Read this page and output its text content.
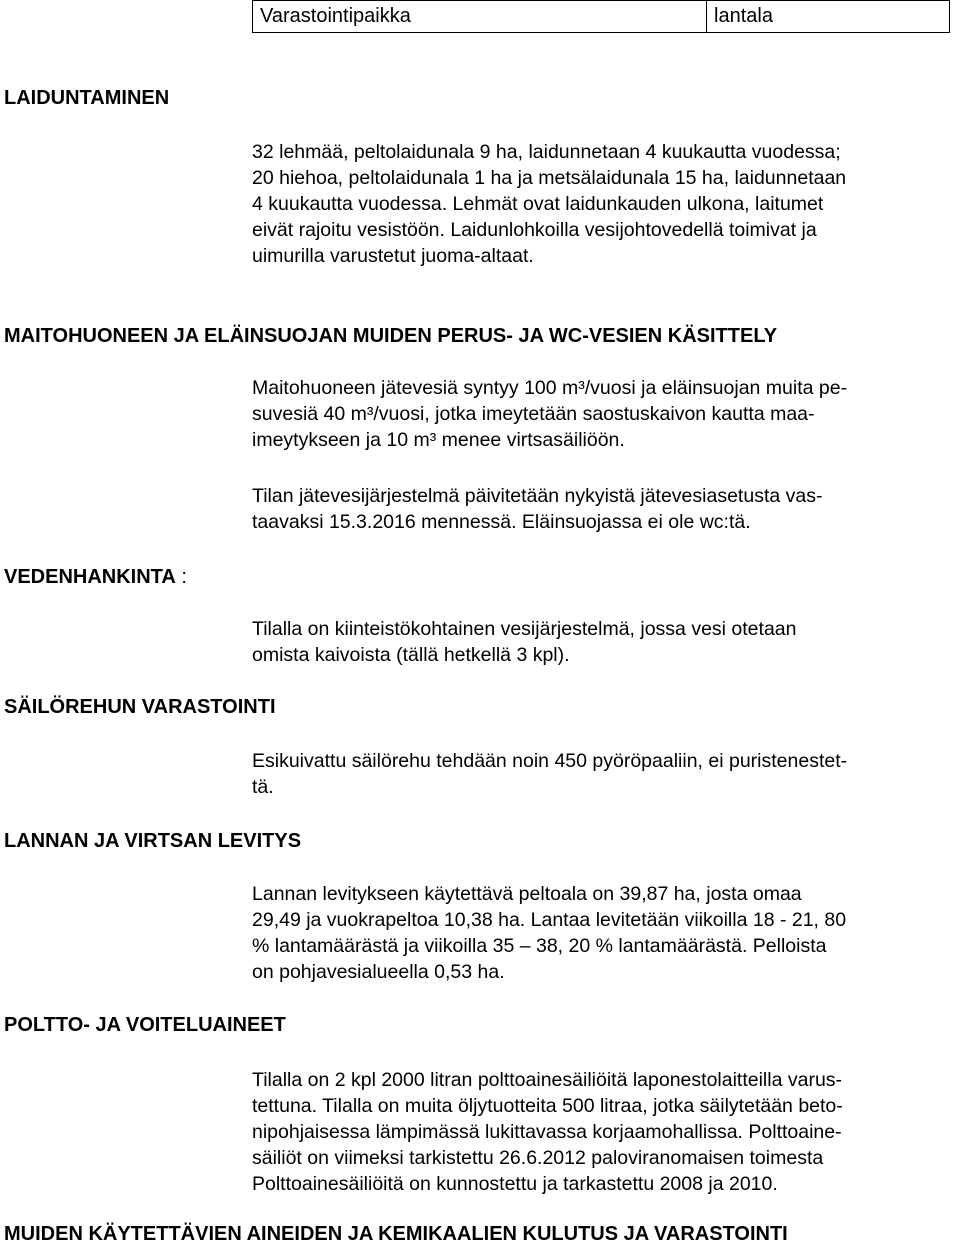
Varastointipaikka	lantala
LAIDUNTAMINEN

32 lehmää, peltolaidunala 9 ha, laidunnetaan 4 kuukautta vuodessa;
20 hiehoa, peltolaidunala 1 ha ja metsälaidunala 15 ha, laidunnetaan
4 kuukautta vuodessa. Lehmät ovat laidunkauden ulkona, laitumet
eivät rajoitu vesistöön. Laidunlohkoilla vesijohtovedellä toimivat ja
uimurilla varustetut juoma-altaat.

MAITOHUONEEN JA ELÄINSUOJAN MUIDEN PERUS- JA WC-VESIEN KÄSITTELY

Maitohuoneen jätevesiä syntyy 100 m³/vuosi ja eläinsuojan muita pe-
suvesiä 40 m³/vuosi, jotka imeytetään saostuskaivon kautta maa-
imeytykseen ja 10 m³ menee virtsasäiliöön.

Tilan jätevesijärjestelmä päivitetään nykyistä jätevesiasetusta vas-
taavaksi 15.3.2016 mennessä. Eläinsuojassa ei ole wc:tä.

VEDENHANKINTA :

Tilalla on kiinteistökohtainen vesijärjestelmä, jossa vesi otetaan
omista kaivoista (tällä hetkellä 3 kpl).

SÄILÖREHUN VARASTOINTI

Esikuivattu säilörehu tehdään noin 450 pyöröpaaliin, ei puristenestet-
tä.

LANNAN JA VIRTSAN LEVITYS

Lannan levitykseen käytettävä peltoala on 39,87 ha, josta omaa
29,49 ja vuokrapeltoa 10,38 ha. Lantaa levitetään viikoilla 18 - 21, 80
% lantamäärästä ja viikoilla 35 – 38, 20 % lantamäärästä. Pelloista
on pohjavesialueella 0,53 ha.

POLTTO- JA VOITELUAINEET

Tilalla on 2 kpl 2000 litran polttoainesäiliöitä laponestolaitteilla varus-
tettuna. Tilalla on muita öljytuotteita 500 litraa, jotka säilytetään beto-
nipohjaisessa lämpimässä lukittavassa korjaamohallissa. Polttoaine-
säiliöt on viimeksi tarkistettu 26.6.2012 paloviranomaisen toimesta
Polttoainesäiliöitä on kunnostettu ja tarkastettu 2008 ja 2010.

MUIDEN KÄYTETTÄVIEN AINEIDEN JA KEMIKAALIEN KULUTUS JA VARASTOINTI
